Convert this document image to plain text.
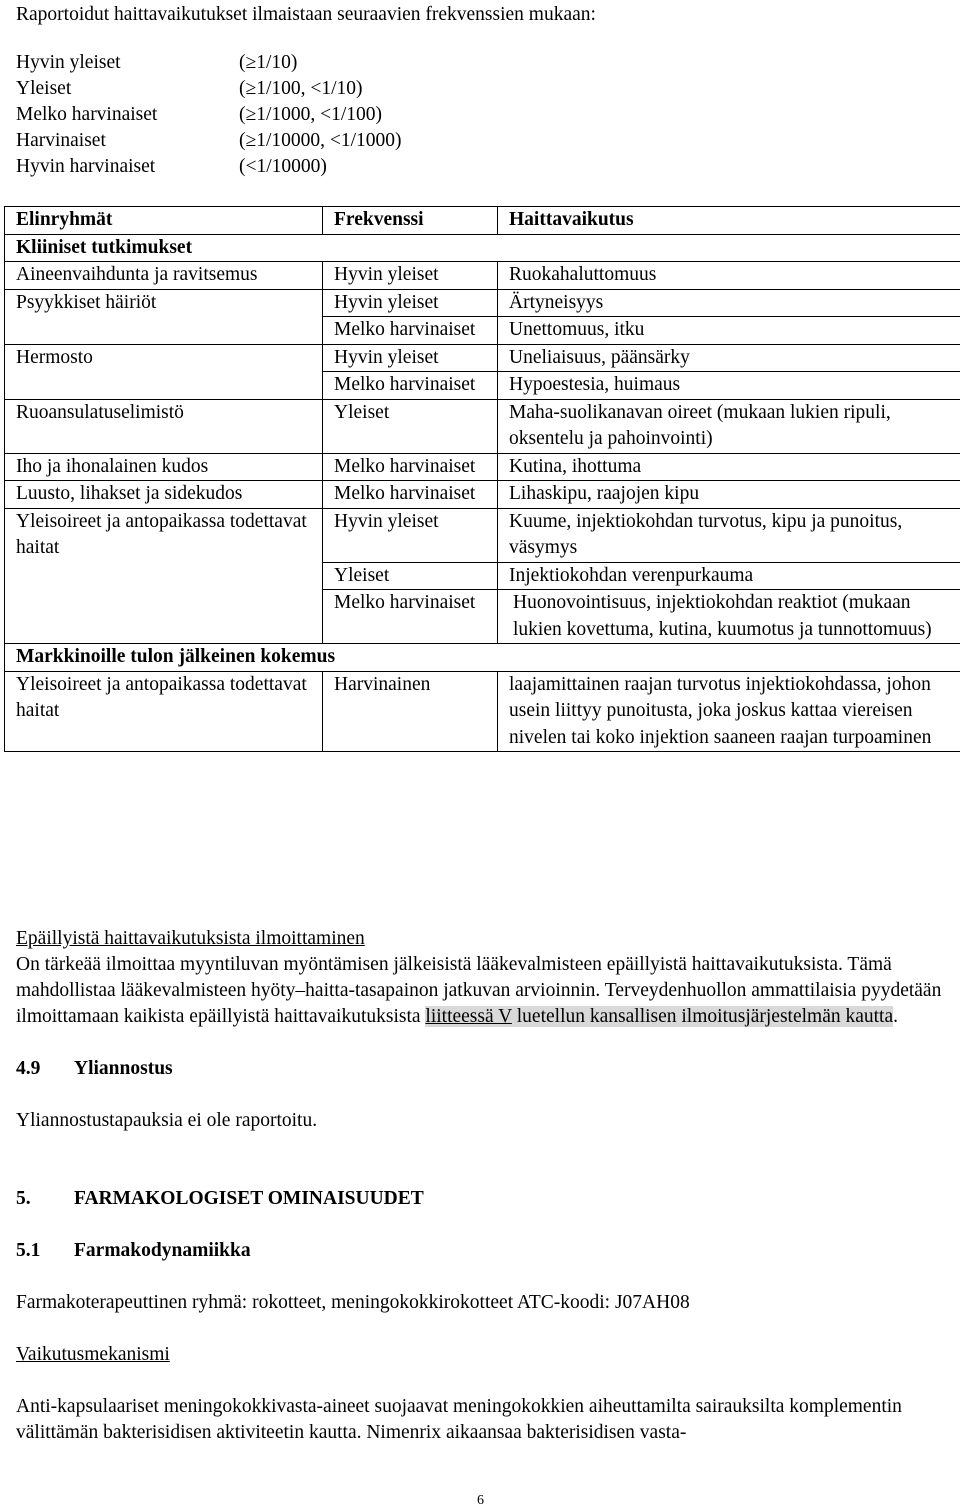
Raportoidut haittavaikutukset ilmaistaan seuraavien frekvenssien mukaan:

Hyvin yleiset	(≥1/10)
Yleiset	(≥1/100, <1/10)
Melko harvinaiset	(≥1/1000, <1/100)
Harvinaiset	(≥1/10000, <1/1000)
Hyvin harvinaiset	(<1/10000)
Elinryhmät	Frekvenssi	Haittavaikutus
Kliiniset tutkimukset		
Aineenvaihdunta ja ravitsemus	Hyvin yleiset	Ruokahaluttomuus
Psyykkiset häiriöt	Hyvin yleiset	Ärtyneisyys
	Melko harvinaiset	Unettomuus, itku
Hermosto	Hyvin yleiset	Uneliaisuus, päänsärky
	Melko harvinaiset	Hypoestesia, huimaus
Ruoansulatuselimistö	Yleiset	Maha-suolikanavan oireet (mukaan lukien ripuli, oksentelu ja pahoinvointi)
Iho ja ihonalainen kudos	Melko harvinaiset	Kutina, ihottuma
Luusto, lihakset ja sidekudos	Melko harvinaiset	Lihaskipu, raajojen kipu
Yleisoireet ja antopaikassa todettavat haitat	Hyvin yleiset	Kuume, injektiokohdan turvotus, kipu ja punoitus, väsymys
	Yleiset	Injektiokohdan verenpurkauma
	Melko harvinaiset	Huonovointisuus, injektiokohdan reaktiot (mukaan lukien kovettuma, kutina, kuumotus ja tunnottomuus)
Markkinoille tulon jälkeinen kokemus		
Yleisoireet ja antopaikassa todettavat haitat	Harvinainen	laajamittainen raajan turvotus injektiokohdassa, johon usein liittyy punoitusta, joka joskus kattaa viereisen nivelen tai koko injektion saaneen raajan turpoaminen

Epäillyistä haittavaikutuksista ilmoittaminen

On tärkeää ilmoittaa myyntiluvan myöntämisen jälkeisistä lääkevalmisteen epäillyistä haittavaikutuksista. Tämä mahdollistaa lääkevalmisteen hyöty–haitta-tasapainon jatkuvan arvioinnin. Terveydenhuollon ammattilaisia pyydetään ilmoittamaan kaikista epäillyistä haittavaikutuksista liitteessä V luetellun kansallisen ilmoitusjärjestelmän kautta.

4.9	Yliannostus

Yliannostustapauksia ei ole raportoitu.

5.	FARMAKOLOGISET OMINAISUUDET

5.1	Farmakodynamiikka

Farmakoterapeuttinen ryhmä: rokotteet, meningokokkirokotteet ATC-koodi: J07AH08

Vaikutusmekanismi

Anti-kapsulaariset meningokokkivasta-aineet suojaavat meningokokkien aiheuttamilta sairauksilta komplementin välittämän bakterisidisen aktiviteetin kautta. Nimenrix aikaansaa bakterisidisen vasta-

6
